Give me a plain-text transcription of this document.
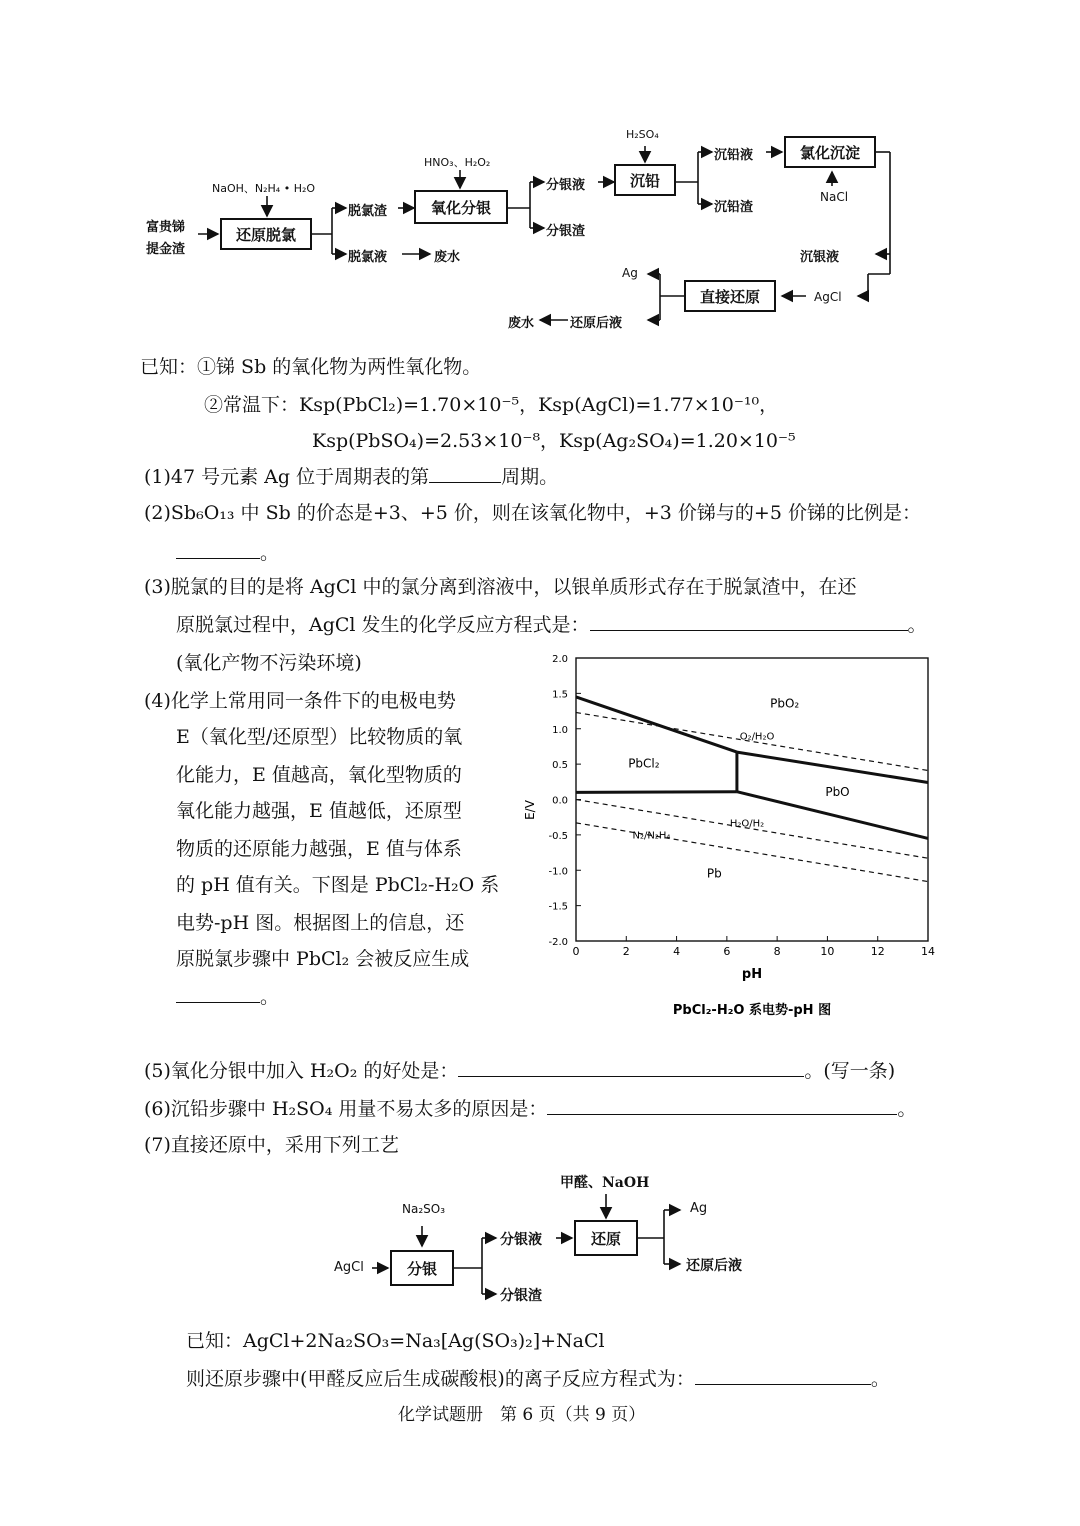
富贵锑
提金渣
NaOH、N₂H₄ • H₂O
还原脱氯
脱氯渣
脱氯液	废水
HNO₃、H₂O₂
氧化分银
分银液
分银渣
H₂SO₄
沉铅
沉铅液
沉铅渣
氯化沉淀
NaCl
沉银液
AgCl
直接还原
Ag
还原后液
废水
已知：①锑 Sb 的氧化物为两性氧化物。
②常温下：Ksp(PbCl₂)=1.70×10⁻⁵，Ksp(AgCl)=1.77×10⁻¹⁰，
Ksp(PbSO₄)=2.53×10⁻⁸，Ksp(Ag₂SO₄)=1.20×10⁻⁵
(1)47 号元素 Ag 位于周期表的第	周期。
(2)Sb₆O₁₃ 中 Sb 的价态是+3、+5 价，则在该氧化物中，+3 价锑与的+5 价锑的比例是：
。
(3)脱氯的目的是将 AgCl 中的氯分离到溶液中，以银单质形式存在于脱氯渣中，在还
原脱氯过程中，AgCl 发生的化学反应方程式是：	。
(氧化产物不污染环境)
(4)化学上常用同一条件下的电极电势
E（氧化型/还原型）比较物质的氧
化能力，E 值越高，氧化型物质的
氧化能力越强，E 值越低，还原型
物质的还原能力越强，E 值与体系
的 pH 值有关。下图是 PbCl₂-H₂O 系
电势-pH 图。根据图上的信息，还
原脱氯步骤中 PbCl₂ 会被反应生成
。
0	2	4	6	8	10	12	14
2.0
1.5
1.0
0.5
0.0
-0.5
-1.0
-1.5
-2.0
PbO₂
PbCl₂
PbO
Pb
O₂/H₂O
H₂O/H₂
N₂/N₂H₄
E/V
pH
PbCl₂-H₂O 系电势-pH 图
(5)氧化分银中加入 H₂O₂ 的好处是：	。(写一条)
(6)沉铅步骤中 H₂SO₄ 用量不易太多的原因是：	。
(7)直接还原中，采用下列工艺
甲醛、NaOH
Na₂SO₃
AgCl	分银
分银液
分银渣
还原
Ag
还原后液
已知：AgCl+2Na₂SO₃=Na₃[Ag(SO₃)₂]+NaCl
则还原步骤中(甲醛反应后生成碳酸根)的离子反应方程式为：	。
化学试题册　第 6 页（共 9 页）
